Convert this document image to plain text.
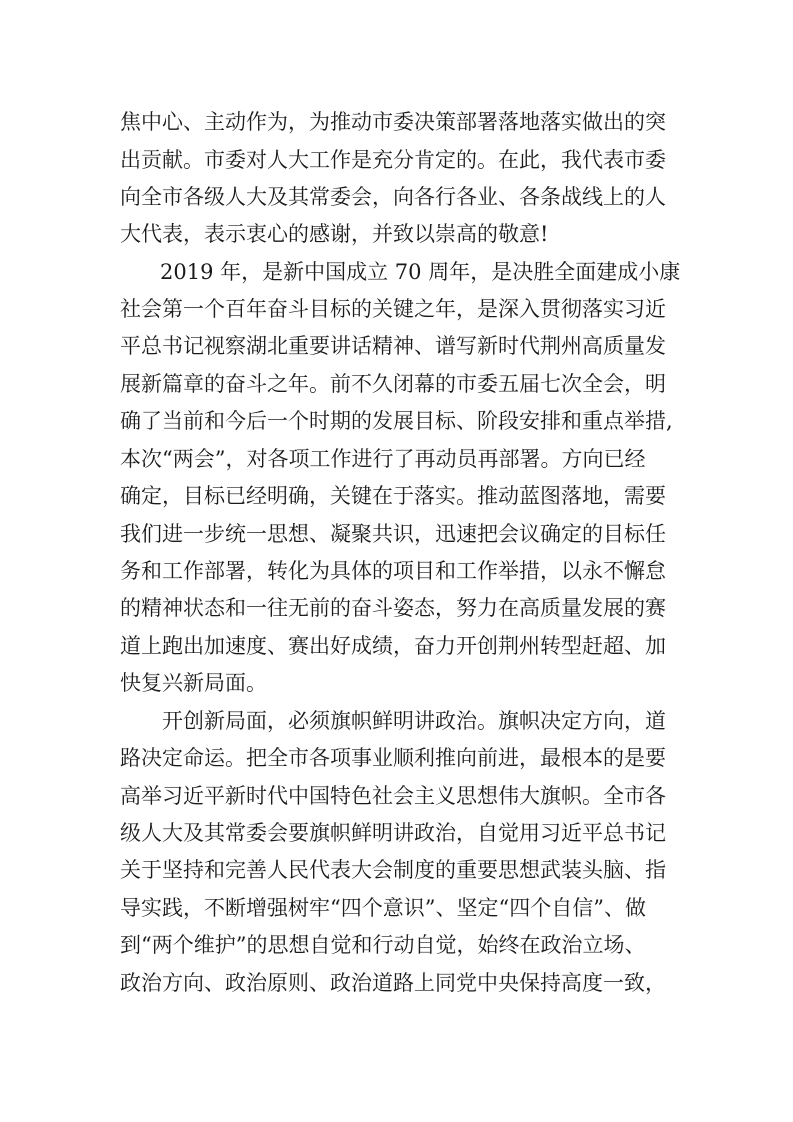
焦中心、主动作为，为推动市委决策部署落地落实做出的突

出贡献。市委对人大工作是充分肯定的。在此，我代表市委

向全市各级人大及其常委会，向各行各业、各条战线上的人

大代表，表示衷心的感谢，并致以崇高的敬意!

2019 年，是新中国成立 70 周年，是决胜全面建成小康

社会第一个百年奋斗目标的关键之年，是深入贯彻落实习近

平总书记视察湖北重要讲话精神、谱写新时代荆州高质量发

展新篇章的奋斗之年。前不久闭幕的市委五届七次全会，明

确了当前和今后一个时期的发展目标、阶段安排和重点举措,

本次“两会”，对各项工作进行了再动员再部署。方向已经

确定，目标已经明确，关键在于落实。推动蓝图落地，需要

我们进一步统一思想、凝聚共识，迅速把会议确定的目标任

务和工作部署，转化为具体的项目和工作举措，以永不懈怠

的精神状态和一往无前的奋斗姿态，努力在高质量发展的赛

道上跑出加速度、赛出好成绩，奋力开创荆州转型赶超、加

快复兴新局面。

开创新局面，必须旗帜鲜明讲政治。旗帜决定方向，道

路决定命运。把全市各项事业顺利推向前进，最根本的是要

高举习近平新时代中国特色社会主义思想伟大旗帜。全市各

级人大及其常委会要旗帜鲜明讲政治，自觉用习近平总书记

关于坚持和完善人民代表大会制度的重要思想武装头脑、指

导实践，不断增强树牢“四个意识”、坚定“四个自信”、做

到“两个维护”的思想自觉和行动自觉，始终在政治立场、

政治方向、政治原则、政治道路上同党中央保持高度一致，
